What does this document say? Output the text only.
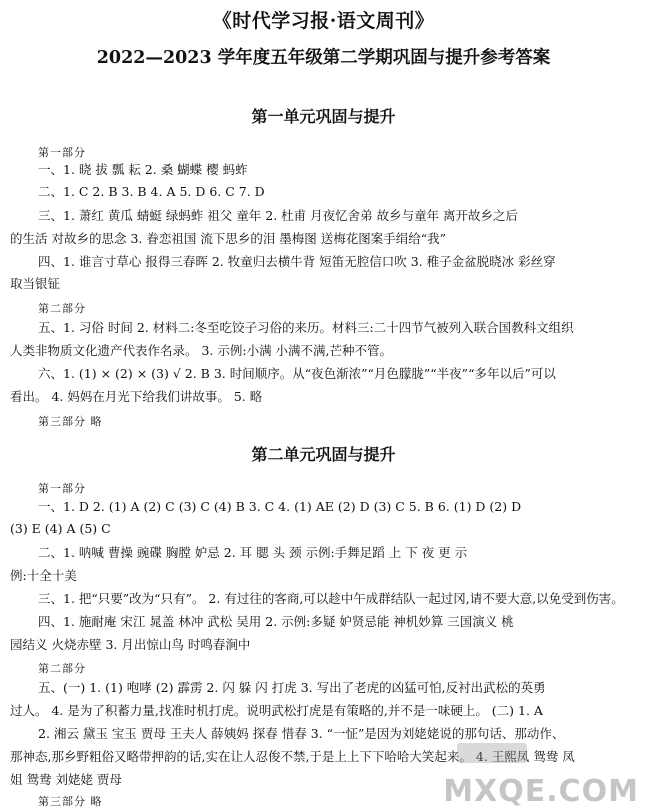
《时代学习报·语文周刊》
2022—2023 学年度五年级第二学期巩固与提升参考答案
第一单元巩固与提升
第一部分
一、1. 晓 拔 瓢 耘 2. 桑 蝴蝶 樱 蚂蚱
二、1. C 2. B 3. B 4. A 5. D 6. C 7. D
三、1. 萧红 黄瓜 蜻蜓 绿蚂蚱 祖父 童年 2. 杜甫 月夜忆舍弟 故乡与童年 离开故乡之后
的生活 对故乡的思念 3. 眷恋祖国 流下思乡的泪 墨梅图 送梅花图案手绢给“我”
四、1. 谁言寸草心 报得三春晖 2. 牧童归去横牛背 短笛无腔信口吹 3. 稚子金盆脱晓冰 彩丝穿
取当银钲
第二部分
五、1. 习俗 时间 2. 材料二:冬至吃饺子习俗的来历。材料三:二十四节气被列入联合国教科文组织
人类非物质文化遗产代表作名录。 3. 示例:小满 小满不满,芒种不管。
六、1. (1) × (2) × (3) √ 2. B 3. 时间顺序。从“夜色渐浓”“月色朦胧”“半夜”“多年以后”可以
看出。 4. 妈妈在月光下给我们讲故事。 5. 略
第三部分 略
第二单元巩固与提升
第一部分
一、1. D 2. (1) A (2) C (3) C (4) B 3. C 4. (1) AE (2) D (3) C 5. B 6. (1) D (2) D
(3) E (4) A (5) C
二、1. 呐喊 曹操 豌碟 胸膛 妒忌 2. 耳 腮 头 颈 示例:手舞足蹈 上 下 夜 更 示
例:十全十美
三、1. 把“只要”改为“只有”。 2. 有过往的客商,可以趁中午成群结队一起过冈,请不要大意,以免受到伤害。
四、1. 施耐庵 宋江 晁盖 林冲 武松 吴用 2. 示例:多疑 妒贤忌能 神机妙算 三国演义 桃
园结义 火烧赤壁 3. 月出惊山鸟 时鸣春涧中
第二部分
五、(一) 1. (1) 咆哮 (2) 霹雳 2. 闪 躲 闪 打虎 3. 写出了老虎的凶猛可怕,反衬出武松的英勇
过人。 4. 是为了积蓄力量,找准时机打虎。说明武松打虎是有策略的,并不是一味硬上。 (二) 1. A
2. 湘云 黛玉 宝玉 贾母 王夫人 薛姨妈 探春 惜春 3. “一怔”是因为刘姥姥说的那句话、那动作、
那神态,那乡野粗俗又略带押韵的话,实在让人忍俊不禁,于是上上下下哈哈大笑起来。 4. 王熙凤 鸳鸯 凤
姐 鸳鸯 刘姥姥 贾母
第三部分 略	MXQE.COM
